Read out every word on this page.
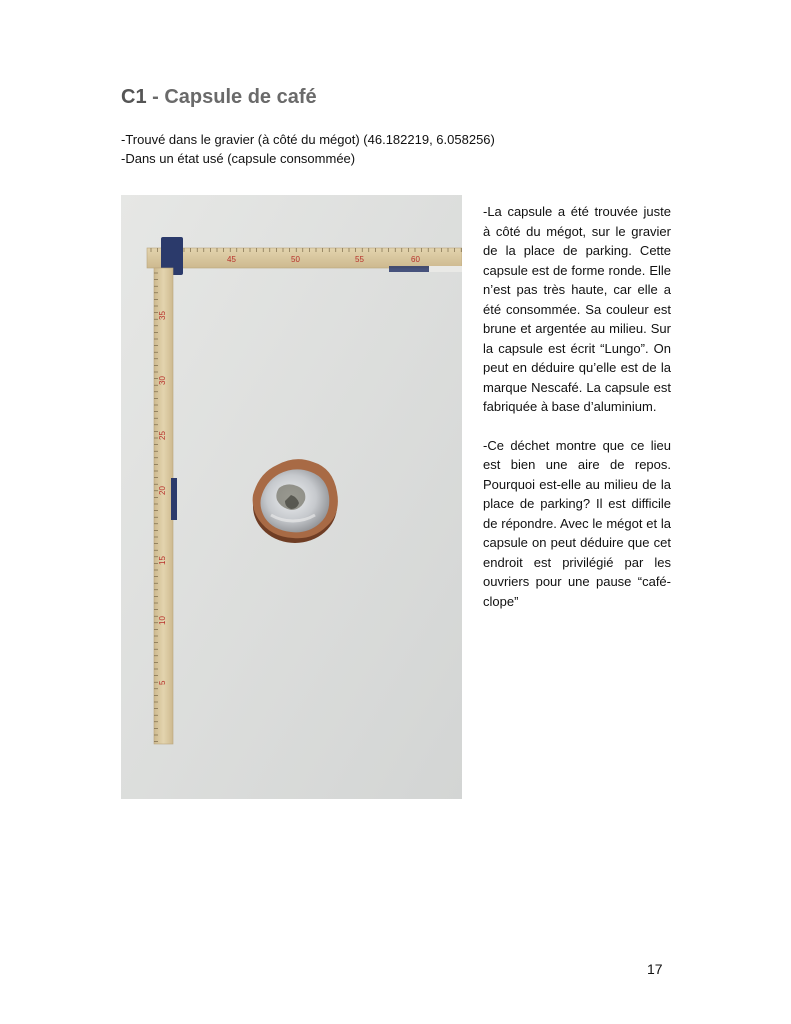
C1 - Capsule de café

-Trouvé dans le gravier (à côté du mégot) (46.182219, 6.058256)

-Dans un état usé (capsule consommée)

45	50	55	60
35
30
25
20
15
10
5

-La capsule a été trouvée juste à côté du mégot, sur le gravier de la place de parking. Cette capsule est de forme ronde. Elle n’est pas très haute, car elle a été consommée. Sa couleur est brune et argentée au milieu. Sur la capsule est écrit “Lungo”. On peut en déduire qu’elle est de la marque Nescafé. La capsule est fabriquée à base d’aluminium.

-Ce déchet montre que ce lieu est bien une aire de repos. Pourquoi est-elle au milieu de la place de parking? Il est difficile de répondre. Avec le mégot et la capsule on peut déduire que cet endroit est privilégié par les ouvriers pour une pause “café-clope”

17
